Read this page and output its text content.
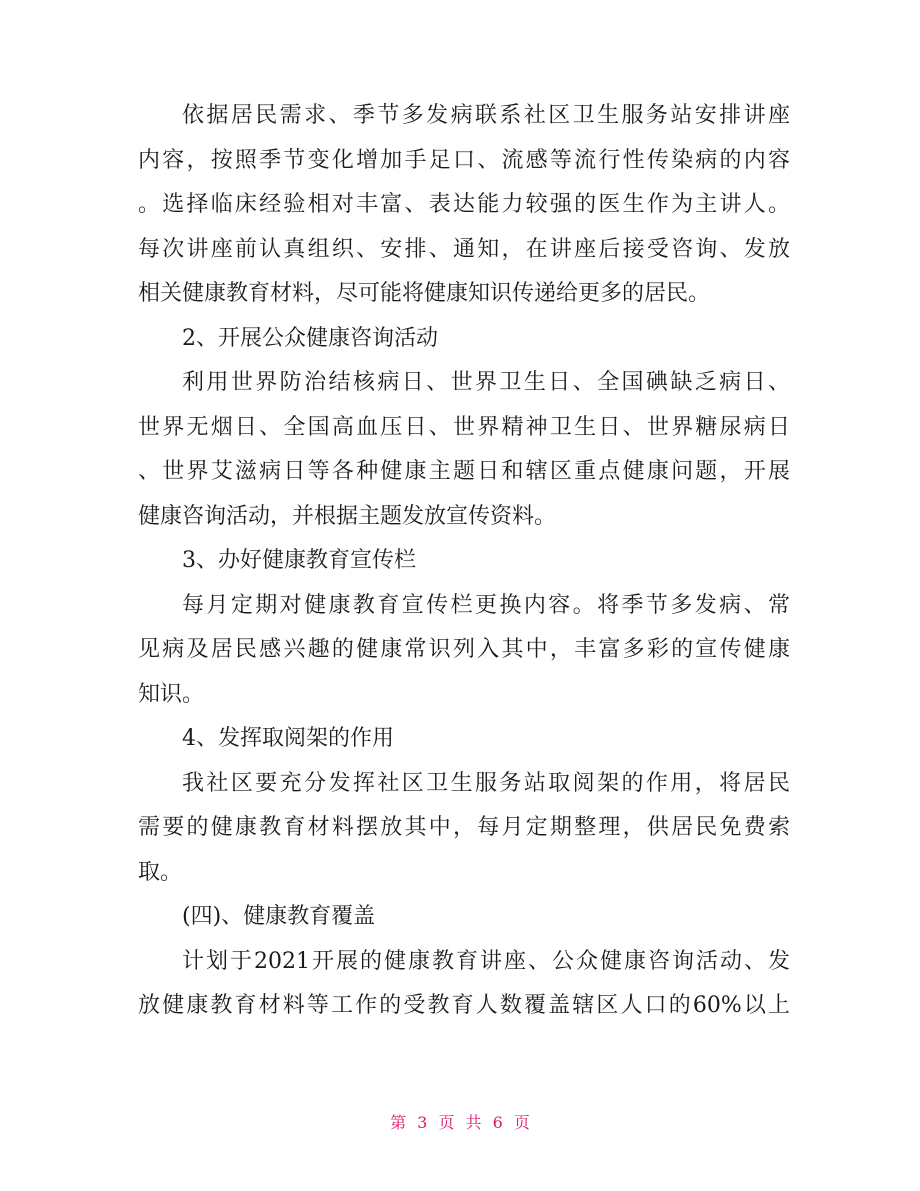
依据居民需求、季节多发病联系社区卫生服务站安排讲座
内容，按照季节变化增加手足口、流感等流行性传染病的内容
。选择临床经验相对丰富、表达能力较强的医生作为主讲人。
每次讲座前认真组织、安排、通知，在讲座后接受咨询、发放
相关健康教育材料，尽可能将健康知识传递给更多的居民。
2、开展公众健康咨询活动
利用世界防治结核病日、世界卫生日、全国碘缺乏病日、
世界无烟日、全国高血压日、世界精神卫生日、世界糖尿病日
、世界艾滋病日等各种健康主题日和辖区重点健康问题，开展
健康咨询活动，并根据主题发放宣传资料。
3、办好健康教育宣传栏
每月定期对健康教育宣传栏更换内容。将季节多发病、常
见病及居民感兴趣的健康常识列入其中，丰富多彩的宣传健康
知识。
4、发挥取阅架的作用
我社区要充分发挥社区卫生服务站取阅架的作用，将居民
需要的健康教育材料摆放其中，每月定期整理，供居民免费索
取。
(四)、健康教育覆盖
计划于2021开展的健康教育讲座、公众健康咨询活动、发
放健康教育材料等工作的受教育人数覆盖辖区人口的60%以上
第 3 页 共 6 页
